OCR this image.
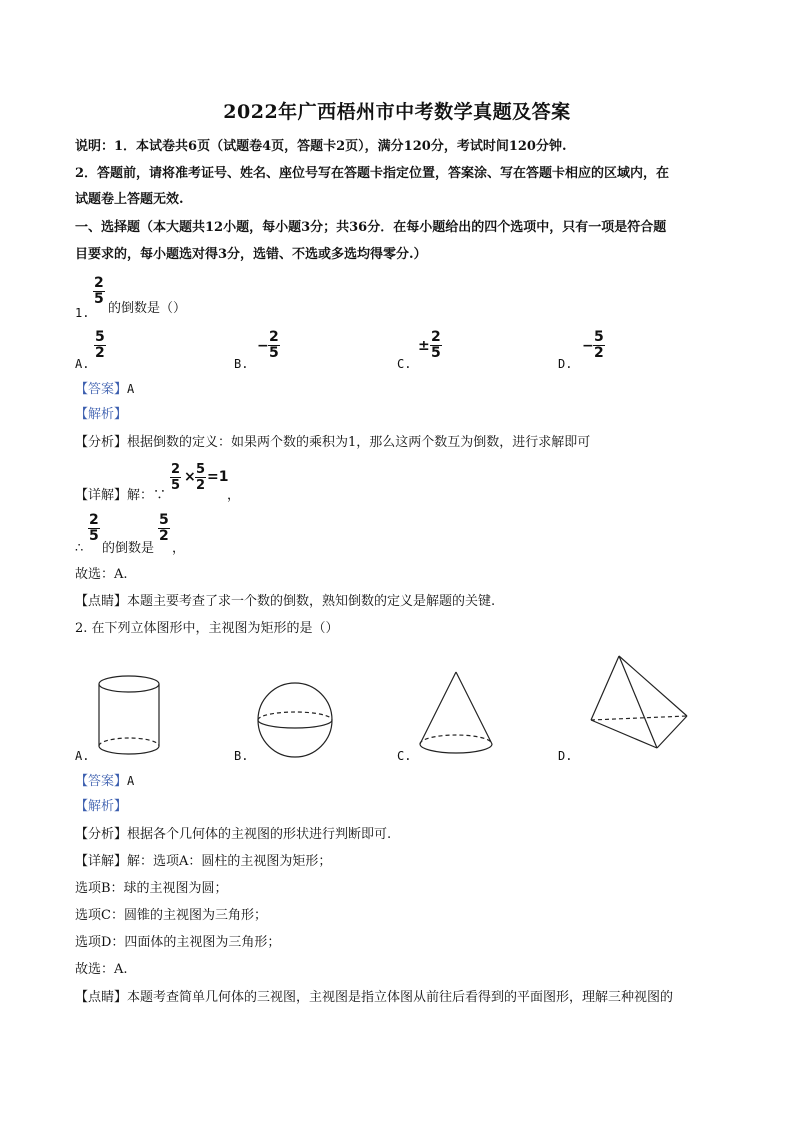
2022年广西梧州市中考数学真题及答案
说明：1．本试卷共6页（试题卷4页，答题卡2页），满分120分，考试时间120分钟.
2．答题前，请将准考证号、姓名、座位号写在答题卡指定位置，答案涂、写在答题卡相应的区域内，在
试题卷上答题无效.
一、选择题（本大题共12小题，每小题3分；共36分．在每小题给出的四个选项中，只有一项是符合题
目要求的，每小题选对得3分，选错、不选或多选均得零分.）
1.
$\frac{2}{5}$
的倒数是（）
A.
$\frac{5}{2}$
B.
− $\frac{2}{5}$
C.
± $\frac{2}{5}$
D.
− $\frac{5}{2}$
【答案】A
【解析】
【分析】根据倒数的定义：如果两个数的乘积为1，那么这两个数互为倒数，进行求解即可
【详解】解：∵
$\frac{2}{5} \times \frac{5}{2} =1$
，
$\frac{2}{5}$
∴ 的倒数是
$\frac{5}{2}$
，
故选：A.
【点睛】本题主要考查了求一个数的倒数，熟知倒数的定义是解题的关键.
2. 在下列立体图形中，主视图为矩形的是（）
A.	B.	C.	D.
【答案】A
【解析】
【分析】根据各个几何体的主视图的形状进行判断即可.
【详解】解：选项A：圆柱的主视图为矩形；
选项B：球的主视图为圆；
选项C：圆锥的主视图为三角形；
选项D：四面体的主视图为三角形；
故选：A.
【点睛】本题考查简单几何体的三视图，主视图是指立体图从前往后看得到的平面图形，理解三种视图的
